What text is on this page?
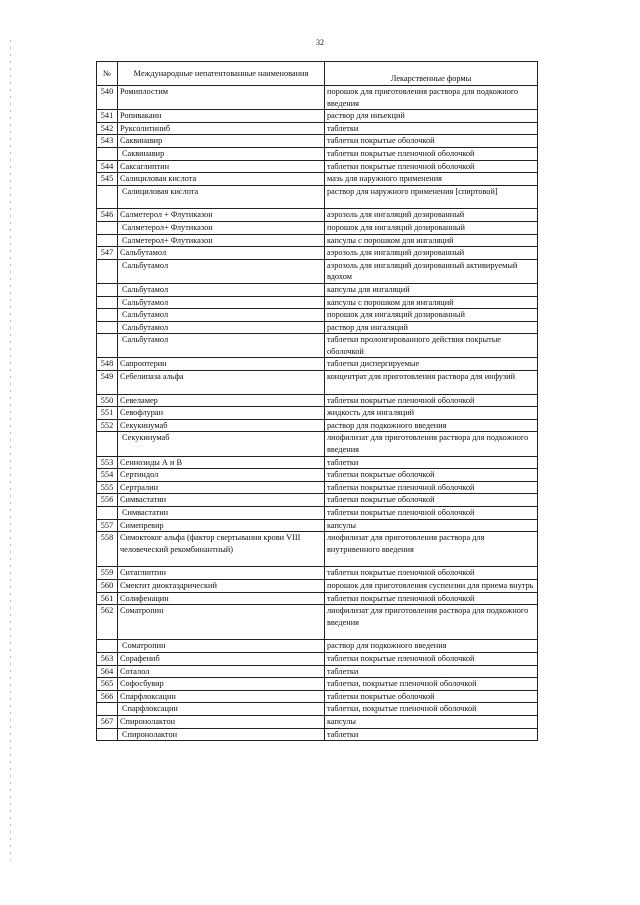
32
№	Международные непатентованные наименования	Лекарственные формы
540	Ромиплостим	порошок для приготовления раствора для подкожного введения
541	Ропивакаин	раствор для инъекций
542	Руксолитиниб	таблетки
543	Саквинавир	таблетки покрытые оболочкой
	Саквинавир	таблетки покрытые пленочной оболочкой
544	Саксаглиптин	таблетки покрытые пленочной оболочкой
545	Салициловая кислота	мазь для наружного применения
	Салициловая кислота	раствор для наружного применения [спиртовой]
546	Салметерол + Флутиказон	аэрозоль для ингаляций дозированный
	Салметерол+ Флутиказон	порошок для ингаляций дозированный
	Салметерол+ Флутиказон	капсулы с порошком для ингаляций
547	Сальбутамол	аэрозоль для ингаляций дозированный
	Сальбутамол	аэрозоль для ингаляций дозированный активируемый вдохом
	Сальбутамол	капсулы для ингаляций
	Сальбутамол	капсулы с порошком для ингаляций
	Сальбутамол	порошок для ингаляций дозированный
	Сальбутамол	раствор для ингаляций
	Сальбутамол	таблетки пролонгированного действия покрытые оболочкой
548	Сапроптерин	таблетки диспергируемые
549	Себелипаза альфа	концентрат для приготовления раствора для инфузий
550	Севеламер	таблетки покрытые пленочной оболочкой
551	Севофлуран	жидкость для ингаляций
552	Секукинумаб	раствор для подкожного введения
	Секукинумаб	лиофилизат для приготовления раствора для подкожного введения
553	Сеннозиды А и В	таблетки
554	Сертиндол	таблетки покрытые оболочкой
555	Сертралин	таблетки покрытые пленочной оболочкой
556	Симвастатин	таблетки покрытые оболочкой
	Симвастатин	таблетки покрытые пленочной оболочкой
557	Симепревир	капсулы
558	Симоктоког альфа (фактор свертывания крови VIII человеческий рекомбинантный)	лиофилизат для приготовления раствора для внутривенного введения
559	Ситаглиптин	таблетки покрытые пленочной оболочкой
560	Смектит диоктаэдрический	порошок для приготовления суспензии для приема внутрь
561	Солифенацин	таблетки покрытые пленочной оболочкой
562	Соматропин	лиофилизат для приготовления раствора для подкожного введения
	Соматропин	раствор для подкожного введения
563	Сорафениб	таблетки покрытые пленочной оболочкой
564	Соталол	таблетки
565	Софосбувир	таблетки, покрытые пленочной оболочкой
566	Спарфлоксацин	таблетки покрытые оболочкой
	Спарфлоксацин	таблетки, покрытые пленочной оболочкой
567	Спиронолактон	капсулы
	Спиронолактон	таблетки
